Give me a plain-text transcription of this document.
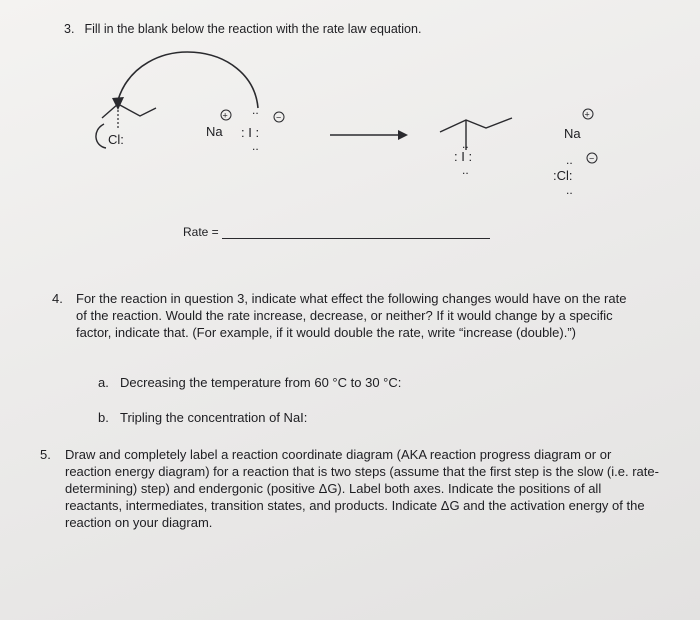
3. Fill in the blank below the reaction with the rate law equation.
Cl:
+
Na
..
: I :
..
−
..
: I :
..
+
Na
.. −
:Cl:
..
Rate =
4. For the reaction in question 3, indicate what effect the following changes would have on the rate of the reaction. Would the rate increase, decrease, or neither? If it would change by a specific factor, indicate that. (For example, if it would double the rate, write “increase (double).”)
a. Decreasing the temperature from 60 °C to 30 °C:
b. Tripling the concentration of NaI:
5. Draw and completely label a reaction coordinate diagram (AKA reaction progress diagram or or reaction energy diagram) for a reaction that is two steps (assume that the first step is the slow (i.e. rate-determining) step) and endergonic (positive ΔG). Label both axes. Indicate the positions of all reactants, intermediates, transition states, and products. Indicate ΔG and the activation energy of the reaction on your diagram.
